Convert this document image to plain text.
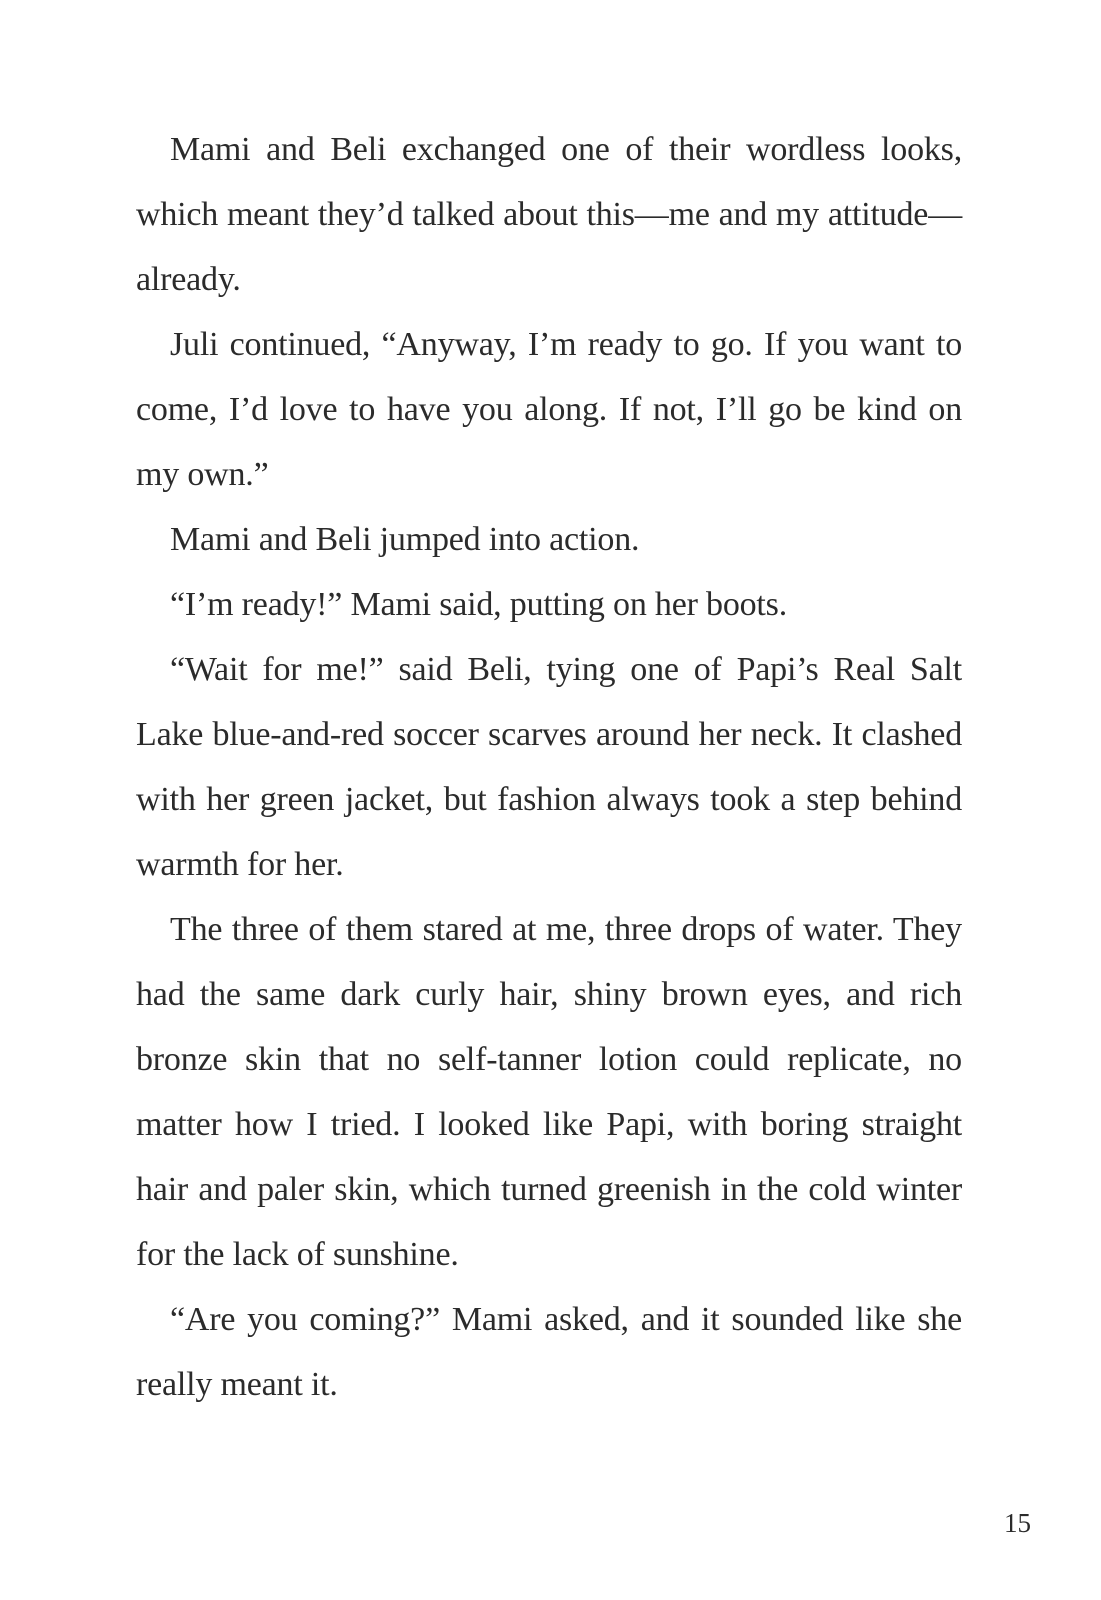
Mami and Beli exchanged one of their wordless looks, which meant they’d talked about this—me and my attitude—already.

Juli continued, “Anyway, I’m ready to go. If you want to come, I’d love to have you along. If not, I’ll go be kind on my own.”

Mami and Beli jumped into action.

“I’m ready!” Mami said, putting on her boots.

“Wait for me!” said Beli, tying one of Papi’s Real Salt Lake blue-and-red soccer scarves around her neck. It clashed with her green jacket, but fashion always took a step behind warmth for her.

The three of them stared at me, three drops of water. They had the same dark curly hair, shiny brown eyes, and rich bronze skin that no self-tanner lotion could replicate, no matter how I tried. I looked like Papi, with boring straight hair and paler skin, which turned greenish in the cold winter for the lack of sunshine.

“Are you coming?” Mami asked, and it sounded like she really meant it.

15
